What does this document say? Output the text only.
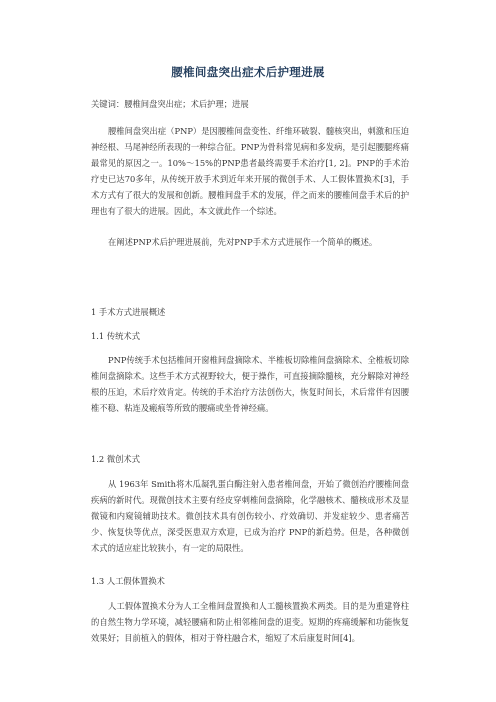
腰椎间盘突出症术后护理进展
关键词：腰椎间盘突出症；术后护理；进展
腰椎间盘突出症（PNP）是因腰椎间盘变性、纤维环破裂、髓核突出，刺激和压迫神经根、马尾神经所表现的一种综合征。PNP为骨科常见病和多发病，是引起腰腿疼痛最常见的原因之一。10%～15%的PNP患者最终需要手术治疗[1, 2]。PNP的手术治疗史已达70多年，从传统开放手术到近年来开展的微创手术、人工假体置换术[3]，手术方式有了很大的发展和创新。腰椎间盘手术的发展，伴之而来的腰椎间盘手术后的护理也有了很大的进展。因此，本文就此作一个综述。
在阐述PNP术后护理进展前，先对PNP手术方式进展作一个简单的概述。
1 手术方式进展概述
1.1 传统术式
PNP传统手术包括椎间开窗椎间盘摘除术、半椎板切除椎间盘摘除术、全椎板切除椎间盘摘除术。这些手术方式视野较大，便于操作，可直接摘除髓核，充分解除对神经根的压迫，术后疗效肯定。传统的手术治疗方法创伤大，恢复时间长，术后常伴有因腰椎不稳、粘连及瘢痕等所致的腰痛或坐骨神经痛。
1.2 微创术式
从 1963年 Smith将木瓜凝乳蛋白酶注射入患者椎间盘，开始了微创治疗腰椎间盘疾病的新时代。现微创技术主要有经皮穿刺椎间盘摘除，化学融核术、髓核成形术及显微镜和内窥镜辅助技术。微创技术具有创伤较小、疗效确切、并发症较少、患者痛苦少、恢复快等优点，深受医患双方欢迎，已成为治疗 PNP的新趋势。但是，各种微创术式的适应症比较狭小，有一定的局限性。
1.3 人工假体置换术
人工假体置换术分为人工全椎间盘置换和人工髓核置换术两类。目的是为重建脊柱的自然生物力学环境，减轻腰痛和防止相邻椎间盘的退变。短期的疼痛缓解和功能恢复效果好；目前植入的假体，相对于脊柱融合术，缩短了术后康复时间[4]。
